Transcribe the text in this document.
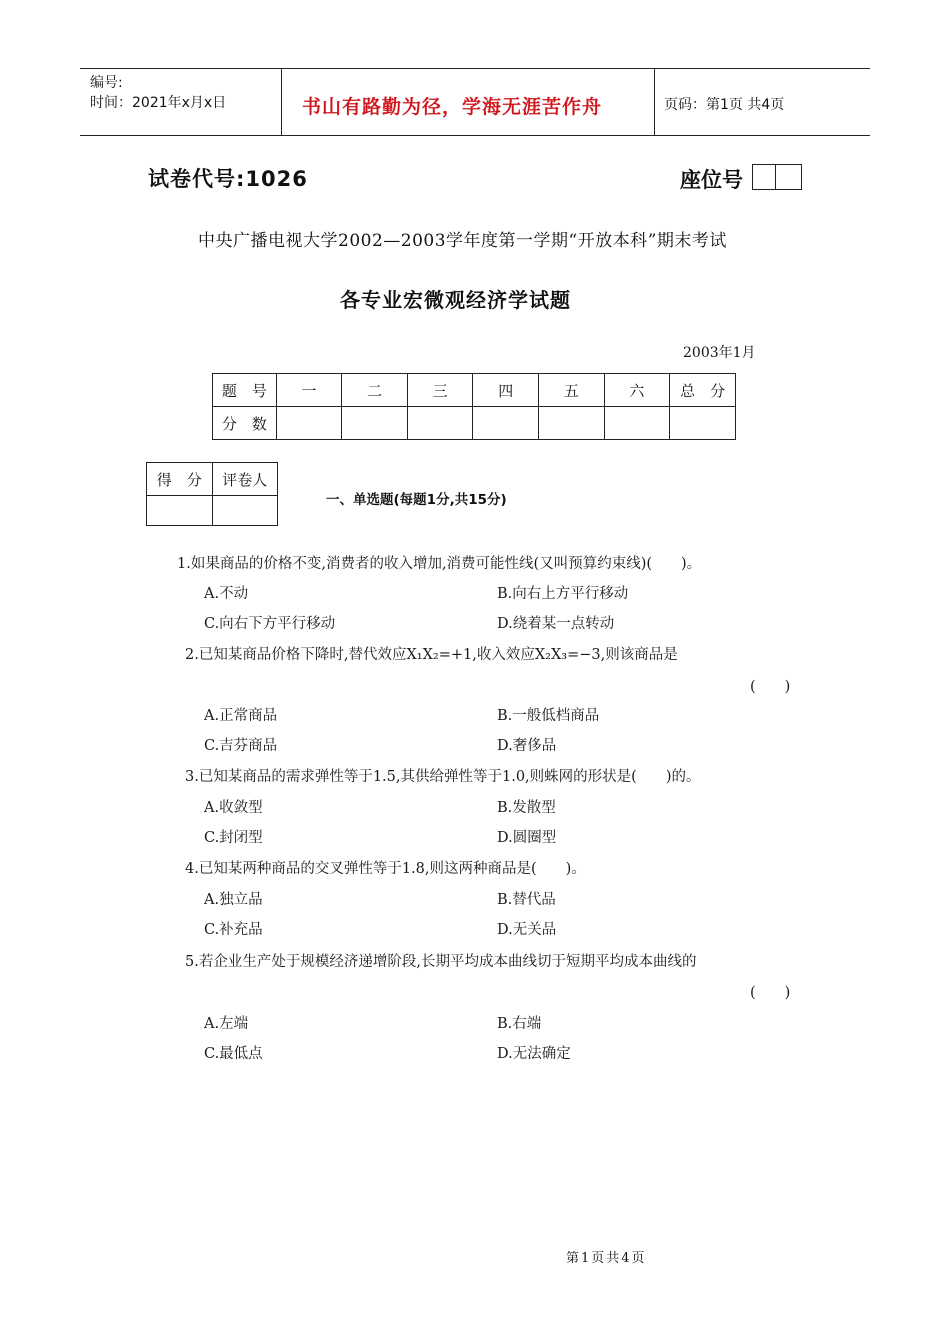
编号:
时间：2021年x月x日	书山有路勤为径，学海无涯苦作舟	页码：第1页 共4页
试卷代号:1026	座位号
中央广播电视大学2002—2003学年度第一学期“开放本科”期末考试
各专业宏微观经济学试题
2003年1月
题　号	一	二	三	四	五	六	总　分
分　数							
得　分	评卷人

一、单选题(每题1分,共15分)
1.如果商品的价格不变,消费者的收入增加,消费可能性线(又叫预算约束线)(　　)。
A.不动	B.向右上方平行移动
C.向右下方平行移动	D.绕着某一点转动
2.已知某商品价格下降时,替代效应X₁X₂=+1,收入效应X₂X₃=−3,则该商品是
(　　)
A.正常商品	B.一般低档商品
C.吉芬商品	D.奢侈品
3.已知某商品的需求弹性等于1.5,其供给弹性等于1.0,则蛛网的形状是(　　)的。
A.收敛型	B.发散型
C.封闭型	D.圆圈型
4.已知某两种商品的交叉弹性等于1.8,则这两种商品是(　　)。
A.独立品	B.替代品
C.补充品	D.无关品
5.若企业生产处于规模经济递增阶段,长期平均成本曲线切于短期平均成本曲线的
(　　)
A.左端	B.右端
C.最低点	D.无法确定
第1页共4页
